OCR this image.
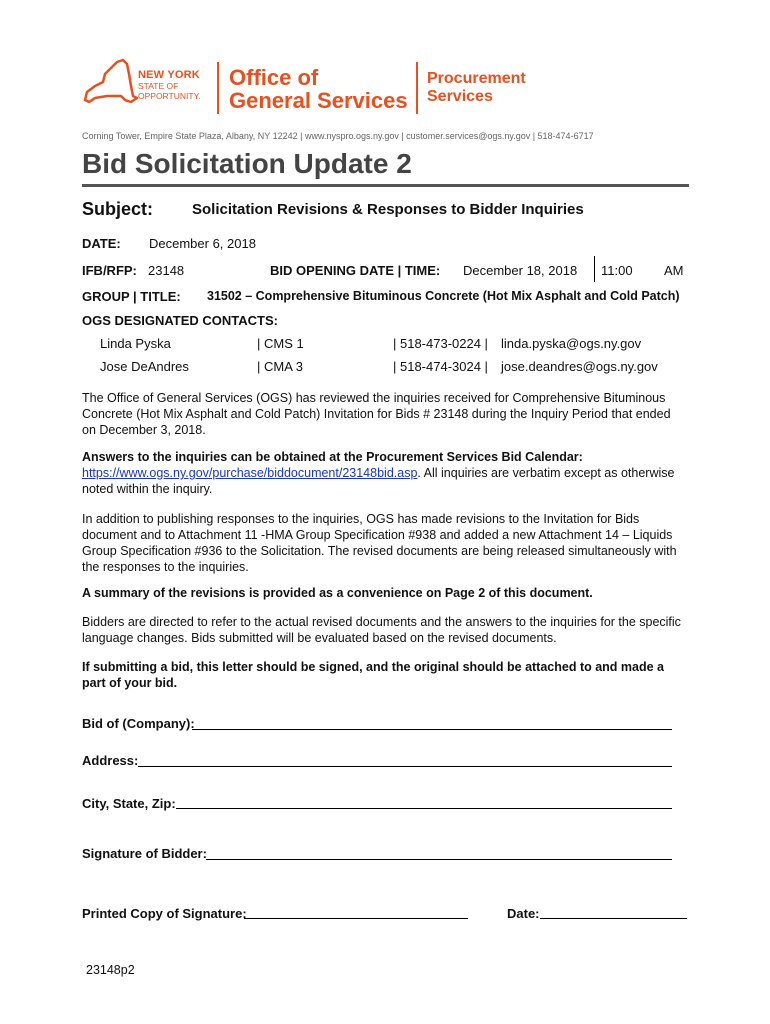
NEW YORK
STATE OF
OPPORTUNITY.
Office of
General Services
Procurement
Services
Corning Tower, Empire State Plaza, Albany, NY 12242 | www.nyspro.ogs.ny.gov | customer.services@ogs.ny.gov | 518-474-6717
Bid Solicitation Update 2
Subject:	Solicitation Revisions & Responses to Bidder Inquiries
DATE: December 6, 2018
IFB/RFP: 23148	BID OPENING DATE | TIME: December 18, 2018 11:00 AM
GROUP | TITLE: 31502 – Comprehensive Bituminous Concrete (Hot Mix Asphalt and Cold Patch)
OGS DESIGNATED CONTACTS:
Linda Pyska	| CMS 1	| 518-473-0224 | linda.pyska@ogs.ny.gov
Jose DeAndres	| CMA 3	| 518-474-3024 | jose.deandres@ogs.ny.gov
The Office of General Services (OGS) has reviewed the inquiries received for Comprehensive Bituminous Concrete (Hot Mix Asphalt and Cold Patch) Invitation for Bids # 23148 during the Inquiry Period that ended on December 3, 2018.
Answers to the inquiries can be obtained at the Procurement Services Bid Calendar:
https://www.ogs.ny.gov/purchase/biddocument/23148bid.asp. All inquiries are verbatim except as otherwise noted within the inquiry.
In addition to publishing responses to the inquiries, OGS has made revisions to the Invitation for Bids document and to Attachment 11 -HMA Group Specification #938 and added a new Attachment 14 – Liquids Group Specification #936 to the Solicitation. The revised documents are being released simultaneously with the responses to the inquiries.
A summary of the revisions is provided as a convenience on Page 2 of this document.
Bidders are directed to refer to the actual revised documents and the answers to the inquiries for the specific language changes. Bids submitted will be evaluated based on the revised documents.
If submitting a bid, this letter should be signed, and the original should be attached to and made a part of your bid.
Bid of (Company):
Address:
City, State, Zip:
Signature of Bidder:
Printed Copy of Signature:	Date:
23148p2
